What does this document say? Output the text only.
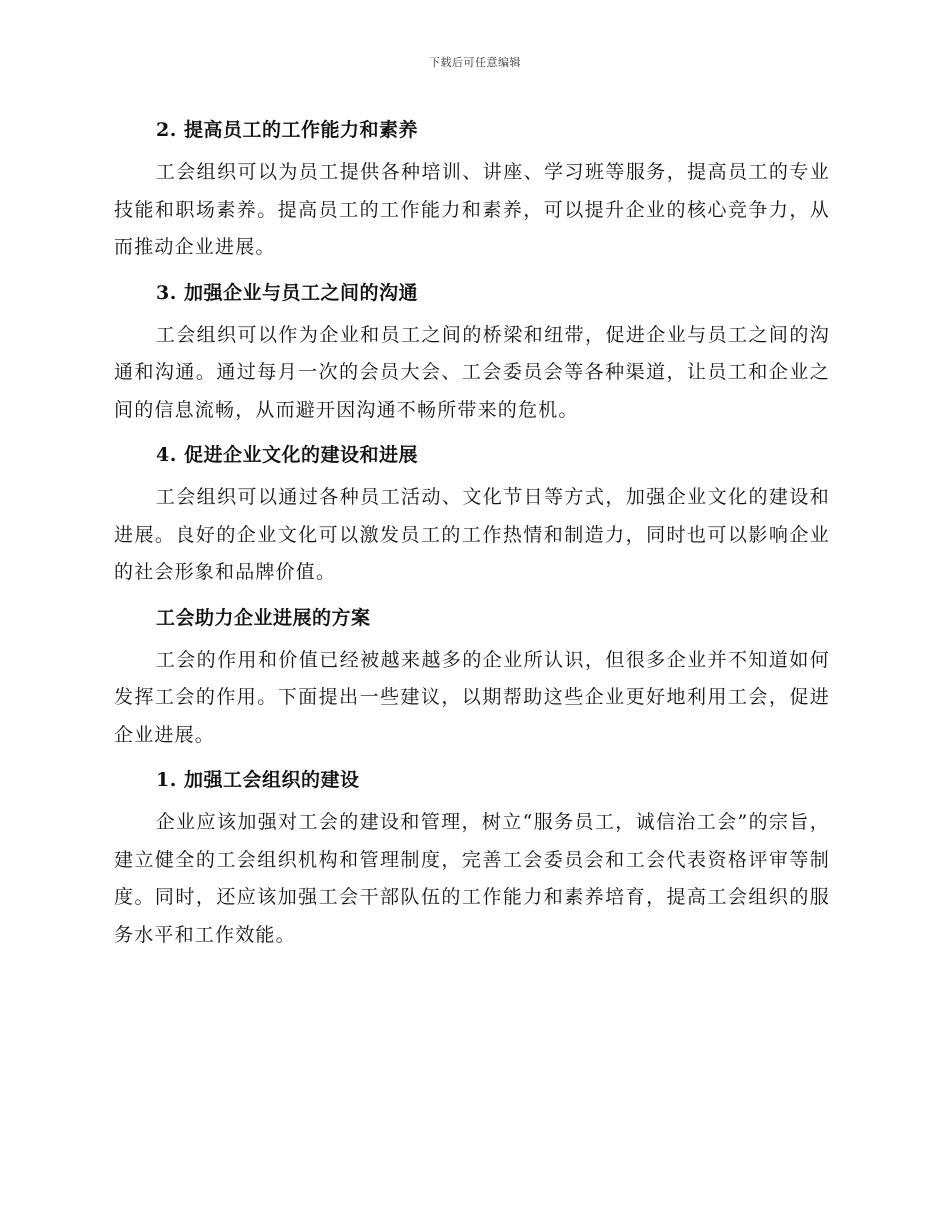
下载后可任意编辑
2. 提高员工的工作能力和素养

工会组织可以为员工提供各种培训、讲座、学习班等服务，提高员工的专业技能和职场素养。提高员工的工作能力和素养，可以提升企业的核心竞争力，从而推动企业进展。

3. 加强企业与员工之间的沟通

工会组织可以作为企业和员工之间的桥梁和纽带，促进企业与员工之间的沟通和沟通。通过每月一次的会员大会、工会委员会等各种渠道，让员工和企业之间的信息流畅，从而避开因沟通不畅所带来的危机。

4. 促进企业文化的建设和进展

工会组织可以通过各种员工活动、文化节日等方式，加强企业文化的建设和进展。良好的企业文化可以激发员工的工作热情和制造力，同时也可以影响企业的社会形象和品牌价值。

工会助力企业进展的方案

工会的作用和价值已经被越来越多的企业所认识，但很多企业并不知道如何发挥工会的作用。下面提出一些建议，以期帮助这些企业更好地利用工会，促进企业进展。

1. 加强工会组织的建设

企业应该加强对工会的建设和管理，树立“服务员工，诚信治工会”的宗旨，建立健全的工会组织机构和管理制度，完善工会委员会和工会代表资格评审等制度。同时，还应该加强工会干部队伍的工作能力和素养培育，提高工会组织的服务水平和工作效能。
